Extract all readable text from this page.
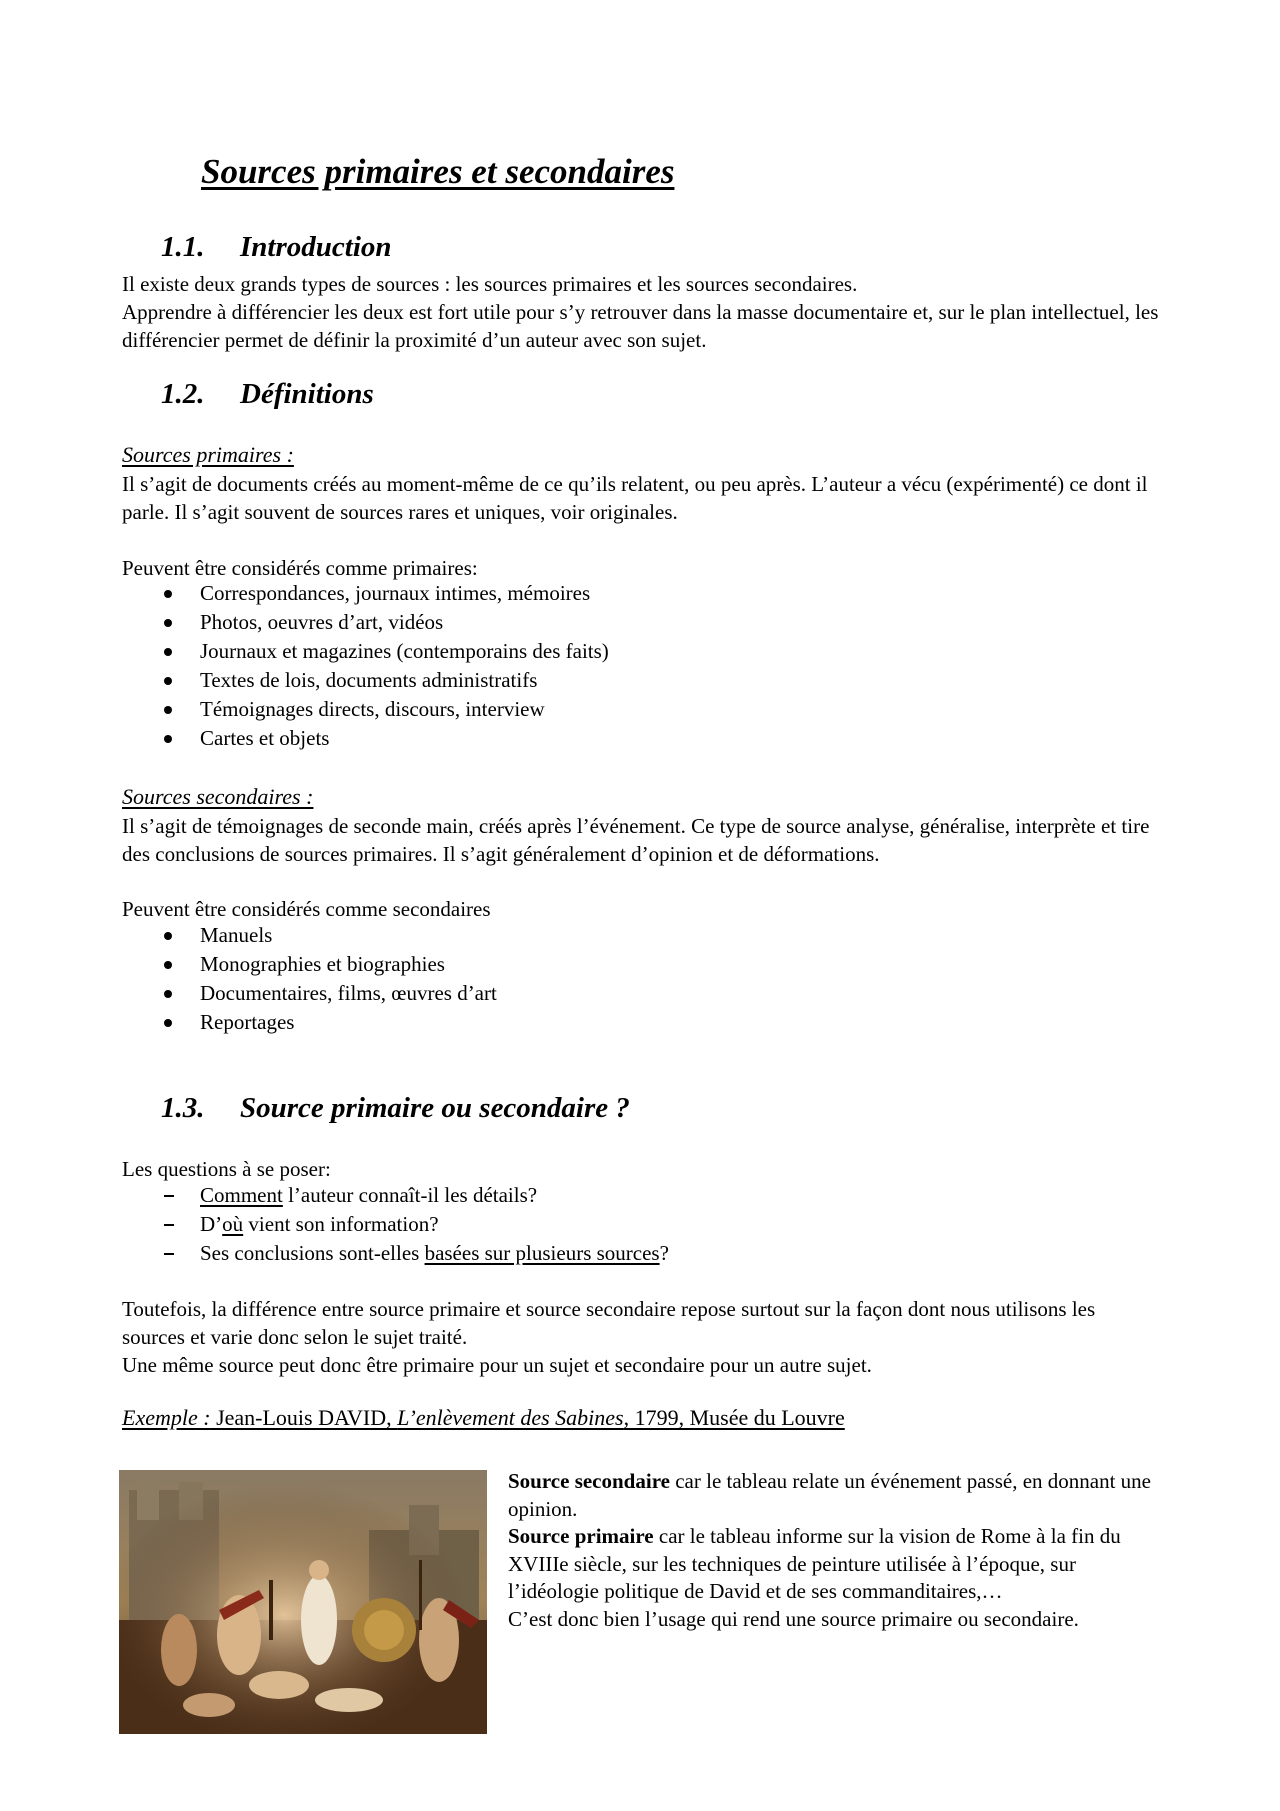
Sources primaires et secondaires
1.1. Introduction

Il existe deux grands types de sources : les sources primaires et les sources secondaires.

Apprendre à différencier les deux est fort utile pour s’y retrouver dans la masse documentaire et, sur le plan intellectuel, les différencier permet de définir la proximité d’un auteur avec son sujet.

1.2. Définitions

Sources primaires :

Il s’agit de documents créés au moment-même de ce qu’ils relatent, ou peu après. L’auteur a vécu (expérimenté) ce dont il parle. Il s’agit souvent de sources rares et uniques, voir originales.

Peuvent être considérés comme primaires:

Correspondances, journaux intimes, mémoires
Photos, oeuvres d’art, vidéos
Journaux et magazines (contemporains des faits)
Textes de lois, documents administratifs
Témoignages directs, discours, interview
Cartes et objets

Sources secondaires :

Il s’agit de témoignages de seconde main, créés après l’événement. Ce type de source analyse, généralise, interprète et tire des conclusions de sources primaires. Il s’agit généralement d’opinion et de déformations.

Peuvent être considérés comme secondaires

Manuels
Monographies et biographies
Documentaires, films, œuvres d’art
Reportages
1.3. Source primaire ou secondaire ?

Les questions à se poser:

Comment l’auteur connaît-il les détails?
D’où vient son information?
Ses conclusions sont-elles basées sur plusieurs sources?

Toutefois, la différence entre source primaire et source secondaire repose surtout sur la façon dont nous utilisons les sources et varie donc selon le sujet traité.

Une même source peut donc être primaire pour un sujet et secondaire pour un autre sujet.

Exemple : Jean-Louis DAVID, L’enlèvement des Sabines, 1799, Musée du Louvre

Source secondaire car le tableau relate un événement passé, en donnant une opinion.
Source primaire car le tableau informe sur la vision de Rome à la fin du XVIIIe siècle, sur les techniques de peinture utilisée à l’époque, sur l’idéologie politique de David et de ses commanditaires,…
C’est donc bien l’usage qui rend une source primaire ou secondaire.
